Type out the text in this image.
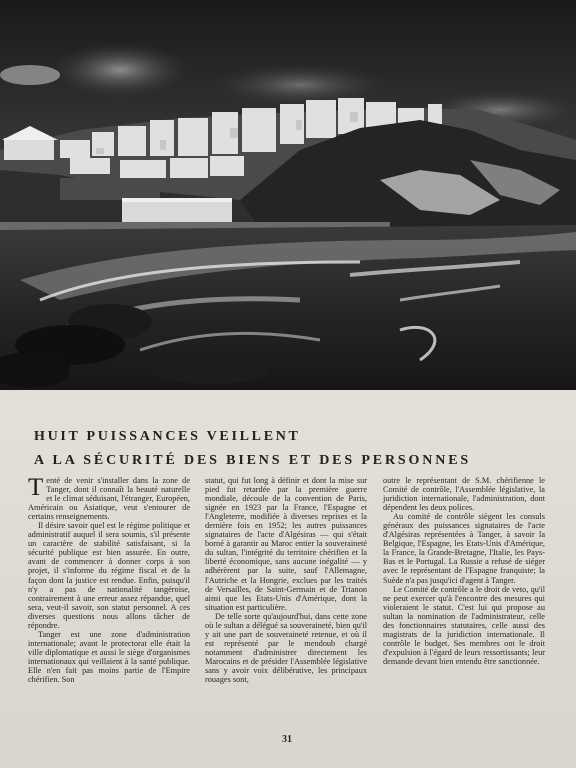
HUIT PUISSANCES VEILLENT
A LA SÉCURITÉ DES BIENS ET DES PERSONNES

Tenté de venir s'installer dans la zone de Tanger, dont il connaît la beauté naturelle et le climat séduisant, l'étranger, Européen, Américain ou Asiatique, veut s'entourer de certains renseignements.

Il désire savoir quel est le régime politique et administratif auquel il sera soumis, s'il présente un caractère de stabilité satisfaisant, si la sécurité publique est bien assurée. En outre, avant de commencer à donner corps à son projet, il s'informe du régime fiscal et de la façon dont la justice est rendue. Enfin, puisqu'il n'y a pas de nationalité tangéroise, contrairement à une erreur assez répandue, quel sera, veut-il savoir, son statut personnel. A ces diverses questions nous allons tâcher de répondre.

Tanger est une zone d'administration internationale; avant le protectorat elle était la ville diplomatique et aussi le siège d'organismes internationaux qui veillaient à la santé publique. Elle n'en fait pas moins partie de l'Empire chérifien. Son

statut, qui fut long à définir et dont la mise sur pied fut retardée par la première guerre mondiale, découle de la convention de Paris, signée en 1923 par la France, l'Espagne et l'Angleterre, modifiée à diverses reprises et la dernière fois en 1952; les autres puissances signataires de l'acte d'Algésiras — qui s'était borné à garantir au Maroc entier la souveraineté du sultan, l'intégrité du territoire chérifien et la liberté économique, sans aucune inégalité — y adhérèrent par la suite, sauf l'Allemagne, l'Autriche et la Hongrie, exclues par les traités de Versailles, de Saint-Germain et de Trianon ainsi que les Etats-Unis d'Amérique, dont la situation est particulière.

De telle sorte qu'aujourd'hui, dans cette zone où le sultan a délégué sa souveraineté, bien qu'il y ait une part de souveraineté retenue, et où il est représenté par le mendoub chargé notamment d'administrer directement les Marocains et de présider l'Assemblée législative sans y avoir voix délibérative, les principaux rouages sont,

outre le représentant de S.M. chérifienne le Comité de contrôle, l'Assemblée législative, la juridiction internationale, l'administration, dont dépendent les deux polices.

Au comité de contrôle siègent les consuls généraux des puissances signataires de l'acte d'Algésiras représentées à Tanger, à savoir la Belgique, l'Espagne, les Etats-Unis d'Amérique, la France, la Grande-Bretagne, l'Italie, les Pays-Bas et le Portugal. La Russie a refusé de siéger avec le représentant de l'Espagne franquiste; la Suède n'a pas jusqu'ici d'agent à Tanger.

Le Comité de contrôle a le droit de veto, qu'il ne peut exercer qu'à l'encontre des mesures qui violeraient le statut. C'est lui qui propose au sultan la nomination de l'administrateur, celle des fonctionnaires statutaires, celle aussi des magistrats de la juridiction internationale. Il contrôle le budget. Ses membres ont le droit d'expulsion à l'égard de leurs ressortissants; leur demande devant bien entendu être sanctionnée.

31
